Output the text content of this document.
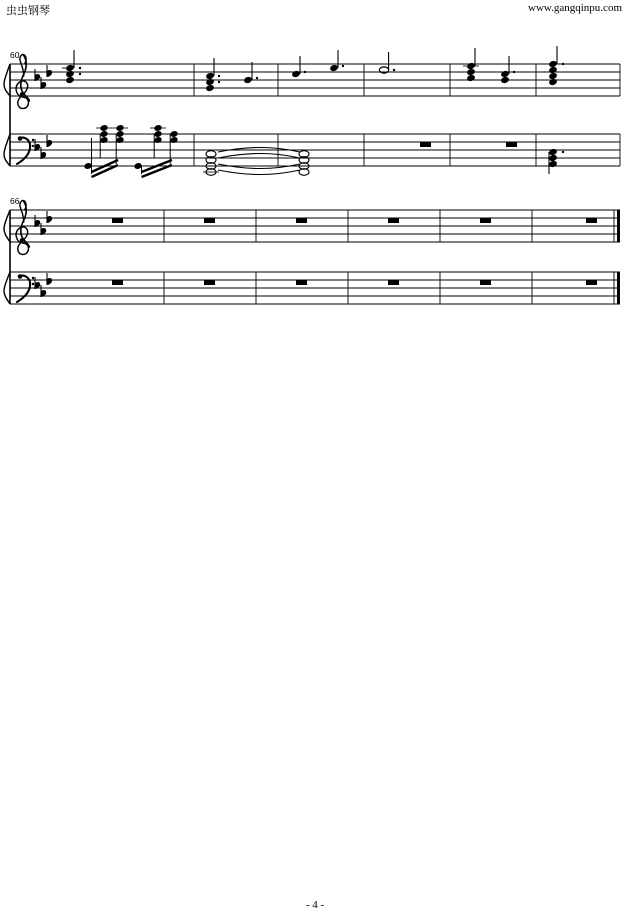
虫虫钢琴	www.gangqinpu.com
60
66
- 4 -
